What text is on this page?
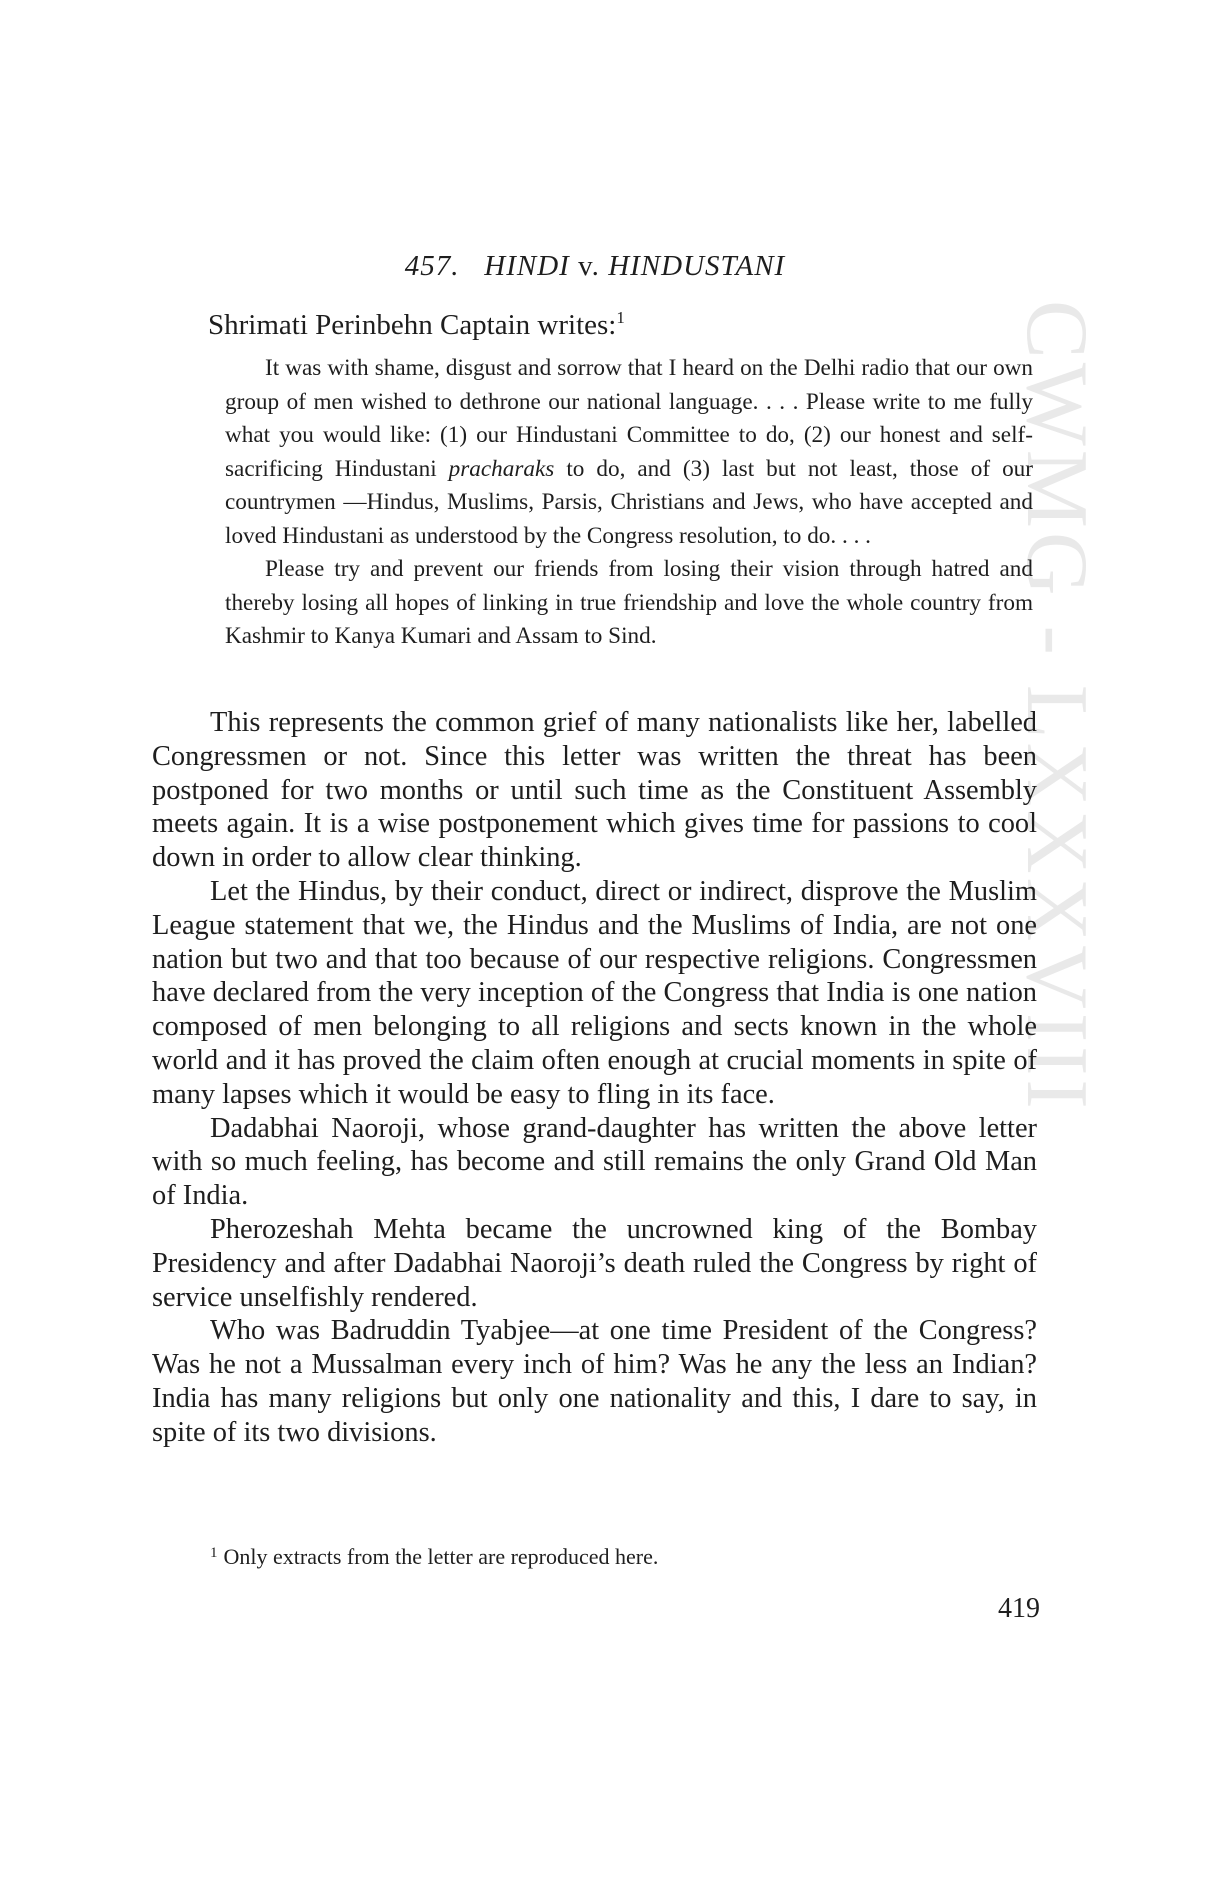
CWMG - LXXXVIII
457. HINDI v. HINDUSTANI
Shrimati Perinbehn Captain writes:$^1$

It was with shame, disgust and sorrow that I heard on the Delhi radio that our own group of men wished to dethrone our national language. . . . Please write to me fully what you would like: (1) our Hindustani Committee to do, (2) our honest and self-sacrificing Hindustani pracharaks to do, and (3) last but not least, those of our countrymen —Hindus, Muslims, Parsis, Christians and Jews, who have accepted and loved Hindustani as understood by the Congress resolution, to do. . . .

Please try and prevent our friends from losing their vision through hatred and thereby losing all hopes of linking in true friendship and love the whole country from Kashmir to Kanya Kumari and Assam to Sind.

This represents the common grief of many nationalists like her, labelled Congressmen or not. Since this letter was written the threat has been postponed for two months or until such time as the Constituent Assembly meets again. It is a wise postponement which gives time for passions to cool down in order to allow clear thinking.

Let the Hindus, by their conduct, direct or indirect, disprove the Muslim League statement that we, the Hindus and the Muslims of India, are not one nation but two and that too because of our respective religions. Congressmen have declared from the very inception of the Congress that India is one nation composed of men belonging to all religions and sects known in the whole world and it has proved the claim often enough at crucial moments in spite of many lapses which it would be easy to fling in its face.

Dadabhai Naoroji, whose grand-daughter has written the above letter with so much feeling, has become and still remains the only Grand Old Man of India.

Pherozeshah Mehta became the uncrowned king of the Bombay Presidency and after Dadabhai Naoroji’s death ruled the Congress by right of service unselfishly rendered.

Who was Badruddin Tyabjee—at one time President of the Congress? Was he not a Mussalman every inch of him? Was he any the less an Indian? India has many religions but only one nationality and this, I dare to say, in spite of its two divisions.

$^1$ Only extracts from the letter are reproduced here.
419
